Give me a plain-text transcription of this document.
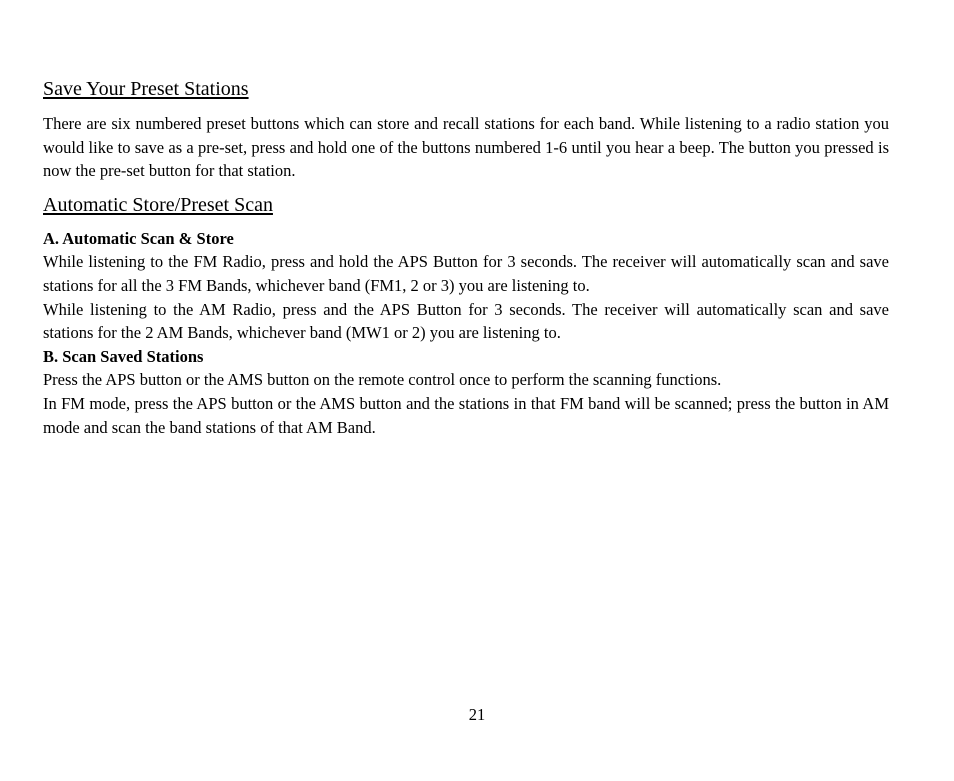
Save Your Preset Stations

There are six numbered preset buttons which can store and recall stations for each band. While listening to a radio station you would like to save as a pre-set, press and hold one of the buttons numbered 1-6 until you hear a beep. The button you pressed is now the pre-set button for that station.

Automatic Store/Preset Scan
A. Automatic Scan & Store

While listening to the FM Radio, press and hold the APS Button for 3 seconds. The receiver will automatically scan and save stations for all the 3 FM Bands, whichever band (FM1, 2 or 3) you are listening to.

While listening to the AM Radio, press and the APS Button for 3 seconds. The receiver will automatically scan and save stations for the 2 AM Bands, whichever band (MW1 or 2) you are listening to.

B. Scan Saved Stations

Press the APS button or the AMS button on the remote control once to perform the scanning functions.

In FM mode, press the APS button or the AMS button and the stations in that FM band will be scanned; press the button in AM mode and scan the band stations of that AM Band.

21
